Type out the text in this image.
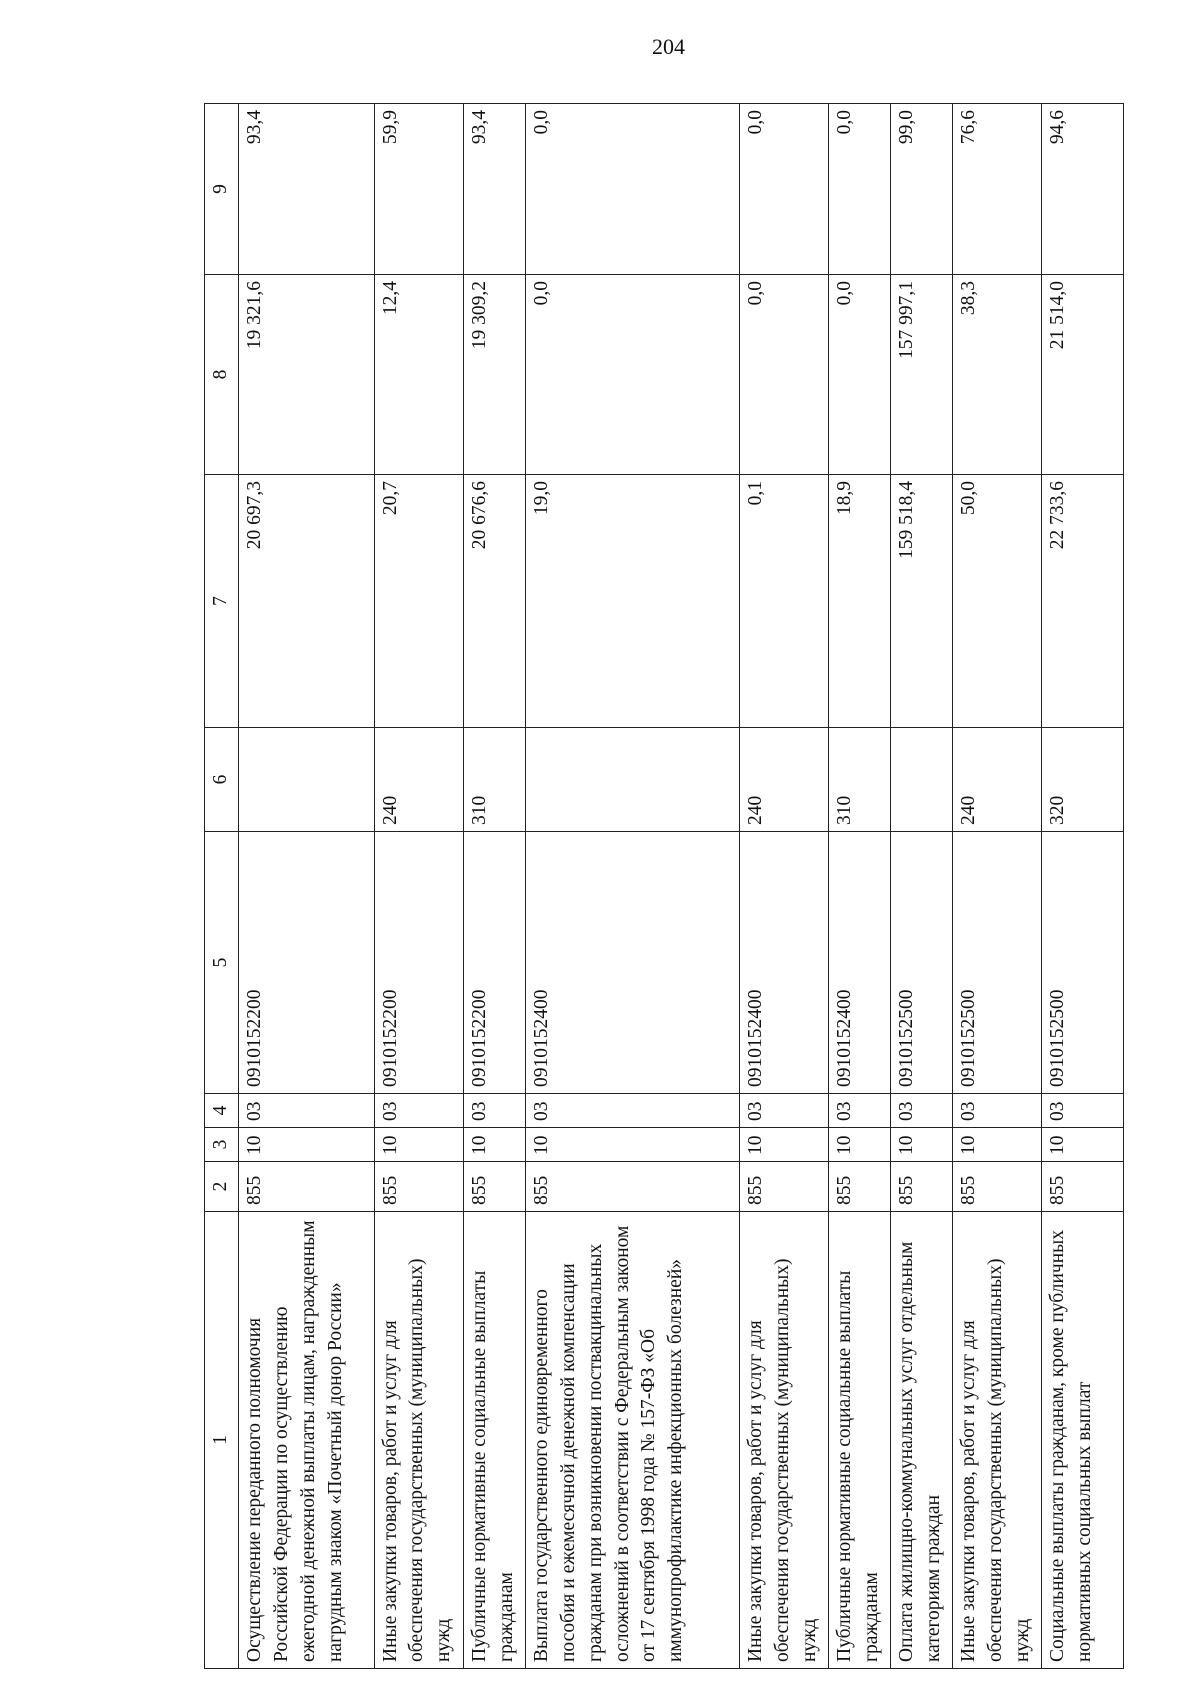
204
1	2	3	4	5	6	7	8	9
Осуществление переданного полномочия Российской Федерации по осуществлению ежегодной денежной выплаты лицам, награжденным нагрудным знаком «Почетный донор России»	855	10	03	0910152200		20 697,3	19 321,6	93,4
Иные закупки товаров, работ и услуг для обеспечения государственных (муниципальных) нужд	855	10	03	0910152200	240	20,7	12,4	59,9
Публичные нормативные социальные выплаты гражданам	855	10	03	0910152200	310	20 676,6	19 309,2	93,4
Выплата государственного единовременного пособия и ежемесячной денежной компенсации гражданам при возникновении поствакцинальных осложнений в соответствии с Федеральным законом от 17 сентября 1998 года № 157-ФЗ «Об иммунопрофилактике инфекционных болезней»	855	10	03	0910152400		19,0	0,0	0,0
Иные закупки товаров, работ и услуг для обеспечения государственных (муниципальных) нужд	855	10	03	0910152400	240	0,1	0,0	0,0
Публичные нормативные социальные выплаты гражданам	855	10	03	0910152400	310	18,9	0,0	0,0
Оплата жилищно-коммунальных услуг отдельным категориям граждан	855	10	03	0910152500		159 518,4	157 997,1	99,0
Иные закупки товаров, работ и услуг для обеспечения государственных (муниципальных) нужд	855	10	03	0910152500	240	50,0	38,3	76,6
Социальные выплаты гражданам, кроме публичных нормативных социальных выплат	855	10	03	0910152500	320	22 733,6	21 514,0	94,6
